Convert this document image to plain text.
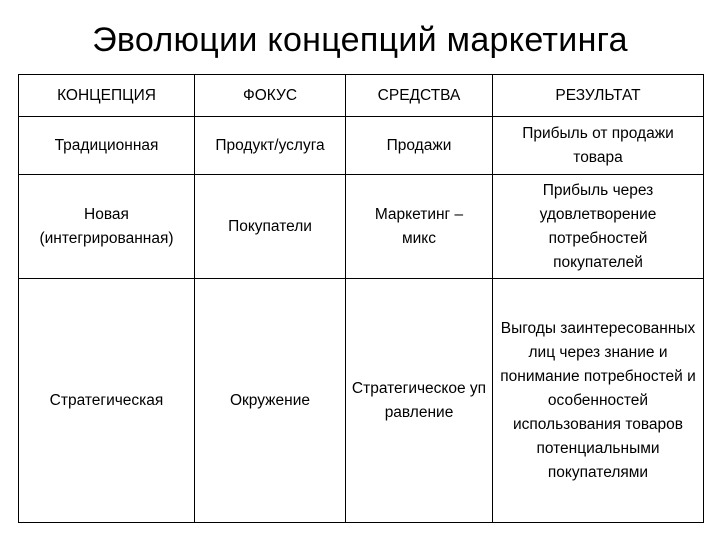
Эволюции концепций маркетинга
КОНЦЕПЦИЯ	ФОКУС	СРЕДСТВА	РЕЗУЛЬТАТ
Традиционная	Продукт/услуга	Продажи	Прибыль от продажи товара
Новая (интегрированная)	Покупатели	Маркетинг – микс	Прибыль через удовлетворение потребностей покупателей
Стратегическая	Окружение	Стратегическое управление	Выгоды заинтересованных лиц через знание и понимание потребностей и особенностей использования товаров потенциальными покупателями
